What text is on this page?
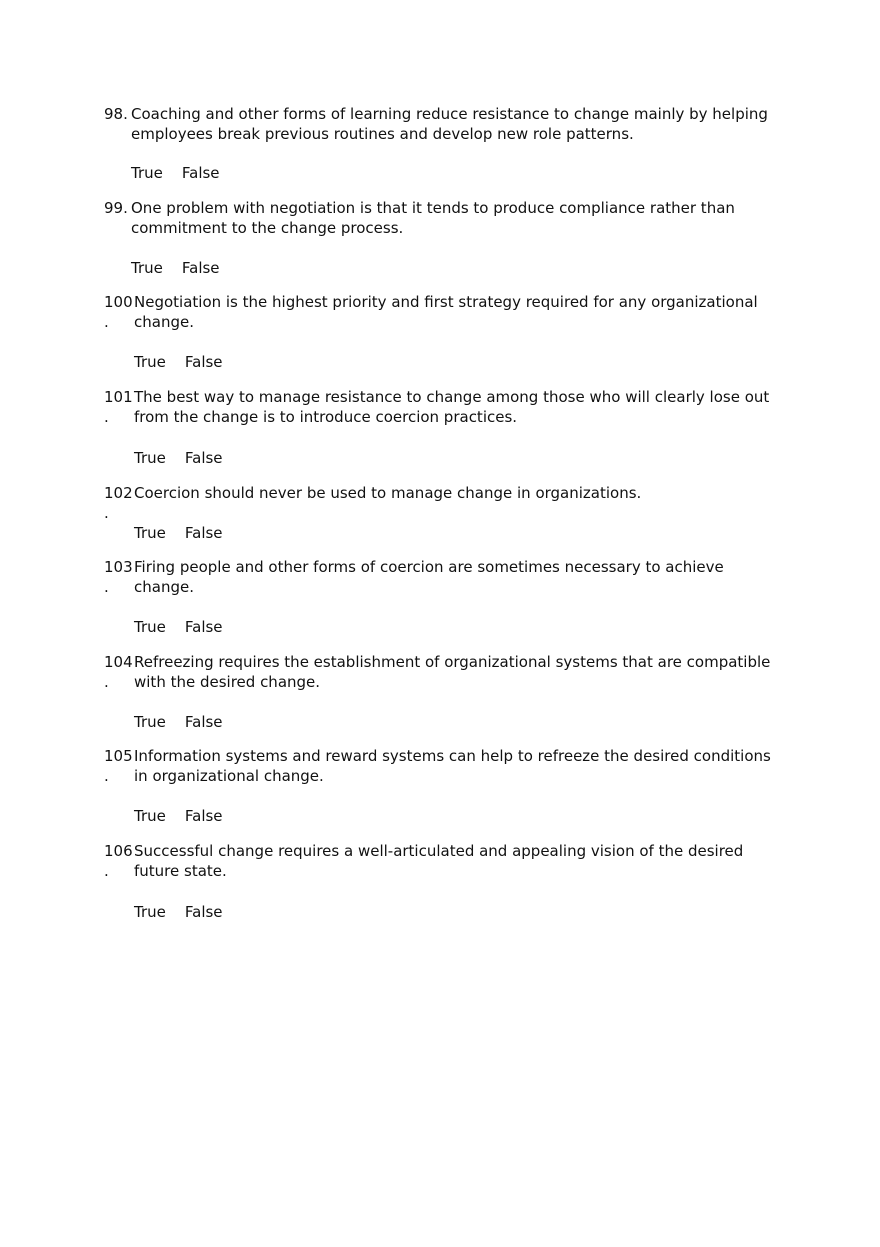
98. Coaching and other forms of learning reduce resistance to change mainly by helping employees break previous routines and develop new role patterns.
True False
99. One problem with negotiation is that it tends to produce compliance rather than commitment to the change process.
True False
100
.
Negotiation is the highest priority and first strategy required for any organizational change.
True False
101
.
The best way to manage resistance to change among those who will clearly lose out from the change is to introduce coercion practices.
True False
102
.
Coercion should never be used to manage change in organizations.
True False
103
.
Firing people and other forms of coercion are sometimes necessary to achieve change.
True False
104
.
Refreezing requires the establishment of organizational systems that are compatible with the desired change.
True False
105
.
Information systems and reward systems can help to refreeze the desired conditions in organizational change.
True False
106
.
Successful change requires a well-articulated and appealing vision of the desired future state.
True False
